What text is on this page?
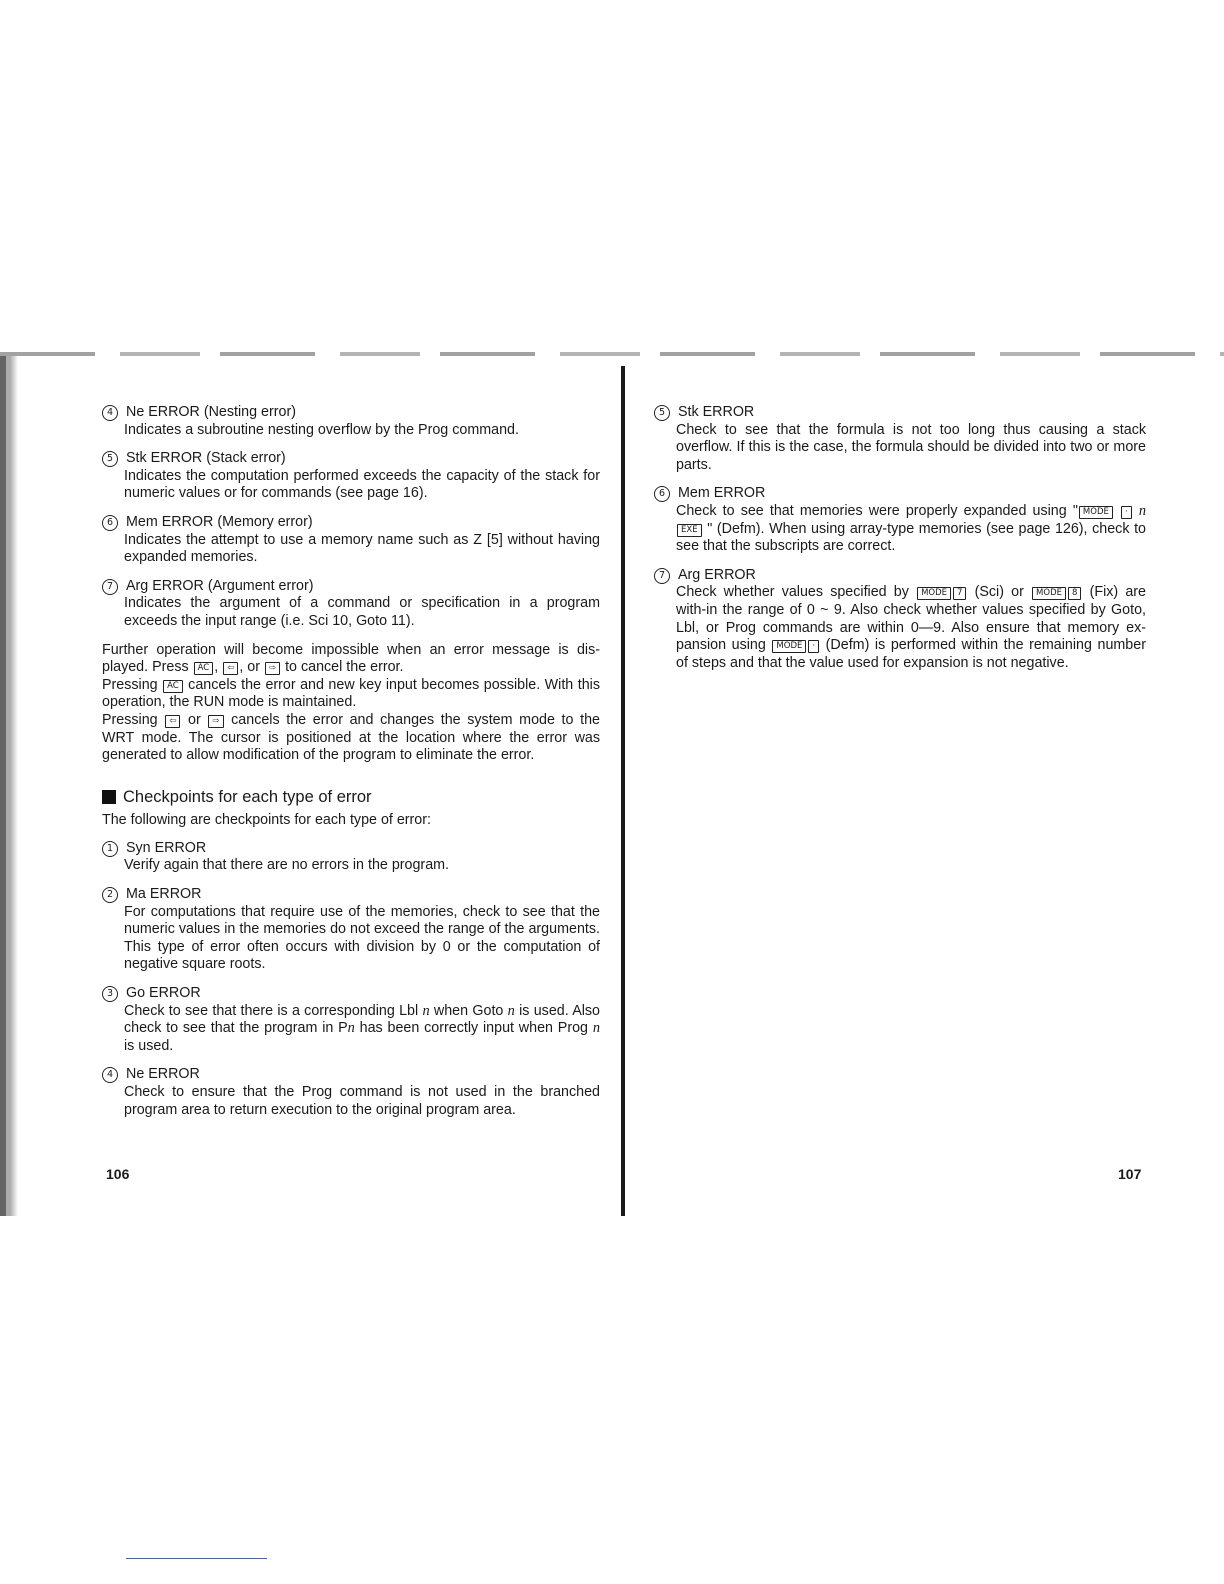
4 Ne ERROR (Nesting error)
Indicates a subroutine nesting overflow by the Prog command.
5 Stk ERROR (Stack error)
Indicates the computation performed exceeds the capacity of the stack for numeric values or for commands (see page 16).
6 Mem ERROR (Memory error)
Indicates the attempt to use a memory name such as Z [5] without having expanded memories.
7 Arg ERROR (Argument error)
Indicates the argument of a command or specification in a program exceeds the input range (i.e. Sci 10, Goto 11).

Further operation will become impossible when an error message is dis-played. Press AC , ⇦ , or ⇨ to cancel the error.

Pressing AC cancels the error and new key input becomes possible. With this operation, the RUN mode is maintained.

Pressing ⇦ or ⇨ cancels the error and changes the system mode to the WRT mode. The cursor is positioned at the location where the error was generated to allow modification of the program to eliminate the error.

Checkpoints for each type of error

The following are checkpoints for each type of error:

1 Syn ERROR
Verify again that there are no errors in the program.
2 Ma ERROR
For computations that require use of the memories, check to see that the numeric values in the memories do not exceed the range of the arguments. This type of error often occurs with division by 0 or the computation of negative square roots.
3 Go ERROR
Check to see that there is a corresponding Lbl n when Goto n is used. Also check to see that the program in Pn has been correctly input when Prog n is used.
4 Ne ERROR
Check to ensure that the Prog command is not used in the branched program area to return execution to the original program area.
5 Stk ERROR
Check to see that the formula is not too long thus causing a stack overflow. If this is the case, the formula should be divided into two or more parts.
6 Mem ERROR
Check to see that memories were properly expanded using " MODE · n EXE " (Defm). When using array-type memories (see page 126), check to see that the subscripts are correct.
7 Arg ERROR
Check whether values specified by MODE 7 (Sci) or MODE 8 (Fix) are with-in the range of 0 ~ 9. Also check whether values specified by Goto, Lbl, or Prog commands are within 0—9. Also ensure that memory ex-pansion using MODE · (Defm) is performed within the remaining number of steps and that the value used for expansion is not negative.
106	107
